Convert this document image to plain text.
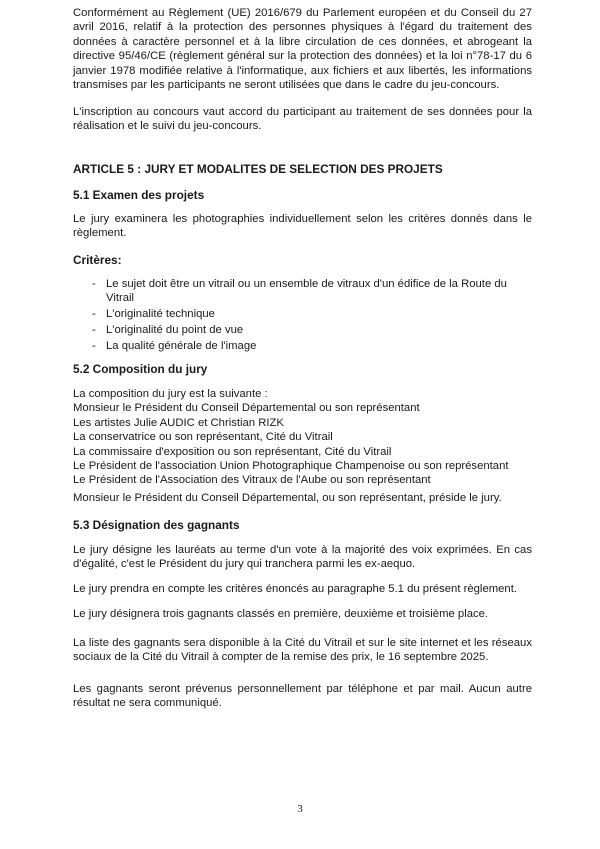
Conformément au Règlement (UE) 2016/679 du Parlement européen et du Conseil du 27 avril 2016, relatif à la protection des personnes physiques à l'égard du traitement des données à caractère personnel et à la libre circulation de ces données, et abrogeant la directive 95/46/CE (règlement général sur la protection des données) et la loi n°78-17 du 6 janvier 1978 modifiée relative à l'informatique, aux fichiers et aux libertés, les informations transmises par les participants ne seront utilisées que dans le cadre du jeu-concours.

L'inscription au concours vaut accord du participant au traitement de ses données pour la réalisation et le suivi du jeu-concours.

ARTICLE 5 : JURY ET MODALITES DE SELECTION DES PROJETS
5.1 Examen des projets

Le jury examinera les photographies individuellement selon les critères donnés dans le règlement.

Critères:
- Le sujet doit être un vitrail ou un ensemble de vitraux d'un édifice de la Route du Vitrail
- L'originalité technique
- L'originalité du point de vue
- La qualité générale de l'image
5.2 Composition du jury
La composition du jury est la suivante :
Monsieur le Président du Conseil Départemental ou son représentant
Les artistes Julie AUDIC et Christian RIZK
La conservatrice ou son représentant, Cité du Vitrail
La commissaire d'exposition ou son représentant, Cité du Vitrail
Le Président de l'association Union Photographique Champenoise ou son représentant
Le Président de l'Association des Vitraux de l'Aube ou son représentant

Monsieur le Président du Conseil Départemental, ou son représentant, préside le jury.

5.3 Désignation des gagnants

Le jury désigne les lauréats au terme d'un vote à la majorité des voix exprimées. En cas d'égalité, c'est le Président du jury qui tranchera parmi les ex-aequo.

Le jury prendra en compte les critères énoncés au paragraphe 5.1 du présent règlement.

Le jury désignera trois gagnants classés en première, deuxième et troisième place.

La liste des gagnants sera disponible à la Cité du Vitrail et sur le site internet et les réseaux sociaux de la Cité du Vitrail à compter de la remise des prix, le 16 septembre 2025.

Les gagnants seront prévenus personnellement par téléphone et par mail. Aucun autre résultat ne sera communiqué.

3
